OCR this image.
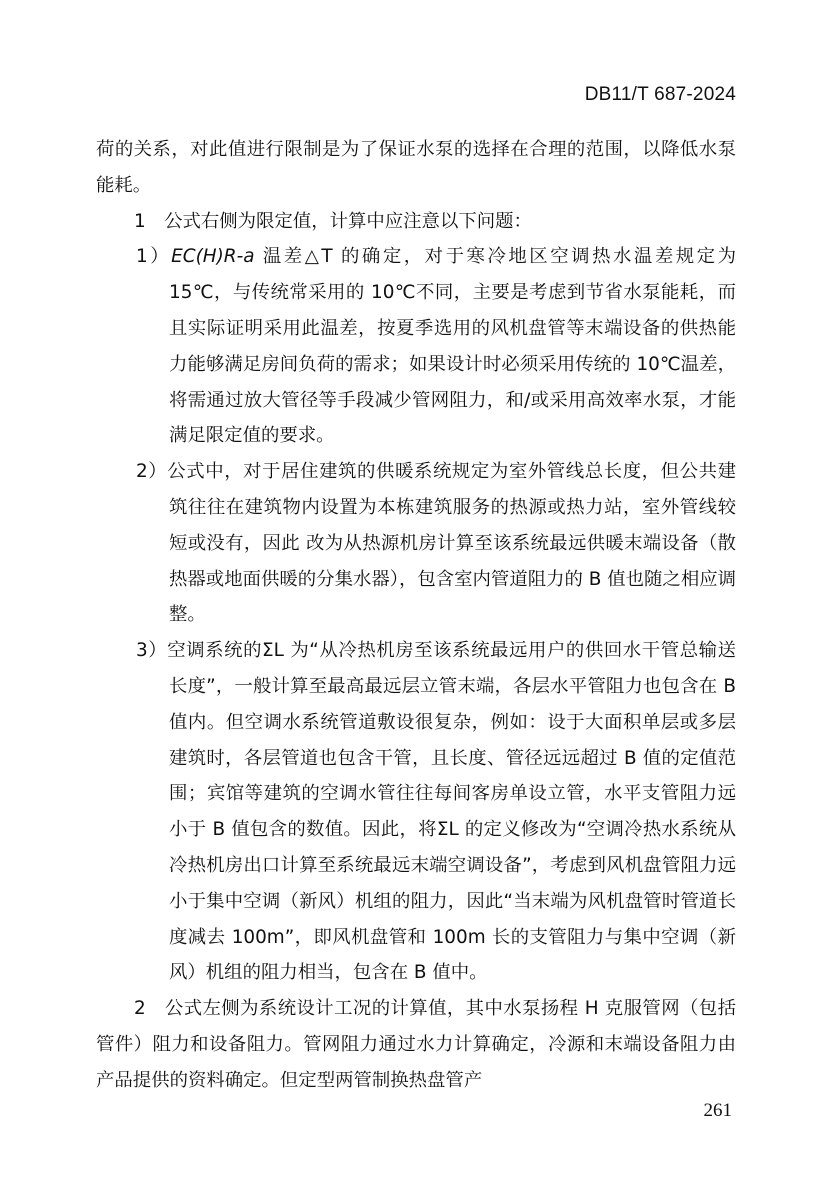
DB11/T 687-2024

荷的关系，对此值进行限制是为了保证水泵的选择在合理的范围，以降低水泵能耗。

1　公式右侧为限定值，计算中应注意以下问题：

1）EC(H)R-a 温差△T 的确定，对于寒冷地区空调热水温差规定为 15℃，与传统常采用的 10℃不同，主要是考虑到节省水泵能耗，而且实际证明采用此温差，按夏季选用的风机盘管等末端设备的供热能力能够满足房间负荷的需求；如果设计时必须采用传统的 10℃温差，将需通过放大管径等手段减少管网阻力，和/或采用高效率水泵，才能满足限定值的要求。

2）公式中，对于居住建筑的供暖系统规定为室外管线总长度，但公共建筑往往在建筑物内设置为本栋建筑服务的热源或热力站，室外管线较短或没有，因此 改为从热源机房计算至该系统最远供暖末端设备（散热器或地面供暖的分集水器），包含室内管道阻力的 B 值也随之相应调整。

3）空调系统的ΣL 为“从冷热机房至该系统最远用户的供回水干管总输送长度”，一般计算至最高最远层立管末端，各层水平管阻力也包含在 B 值内。但空调水系统管道敷设很复杂，例如：设于大面积单层或多层建筑时，各层管道也包含干管，且长度、管径远远超过 B 值的定值范围；宾馆等建筑的空调水管往往每间客房单设立管，水平支管阻力远小于 B 值包含的数值。因此，将ΣL 的定义修改为“空调冷热水系统从冷热机房出口计算至系统最远末端空调设备”，考虑到风机盘管阻力远小于集中空调（新风）机组的阻力，因此“当末端为风机盘管时管道长度减去 100m”，即风机盘管和 100m 长的支管阻力与集中空调（新风）机组的阻力相当，包含在 B 值中。

2　公式左侧为系统设计工况的计算值，其中水泵扬程 H 克服管网（包括管件）阻力和设备阻力。管网阻力通过水力计算确定，冷源和末端设备阻力由产品提供的资料确定。但定型两管制换热盘管产

261
